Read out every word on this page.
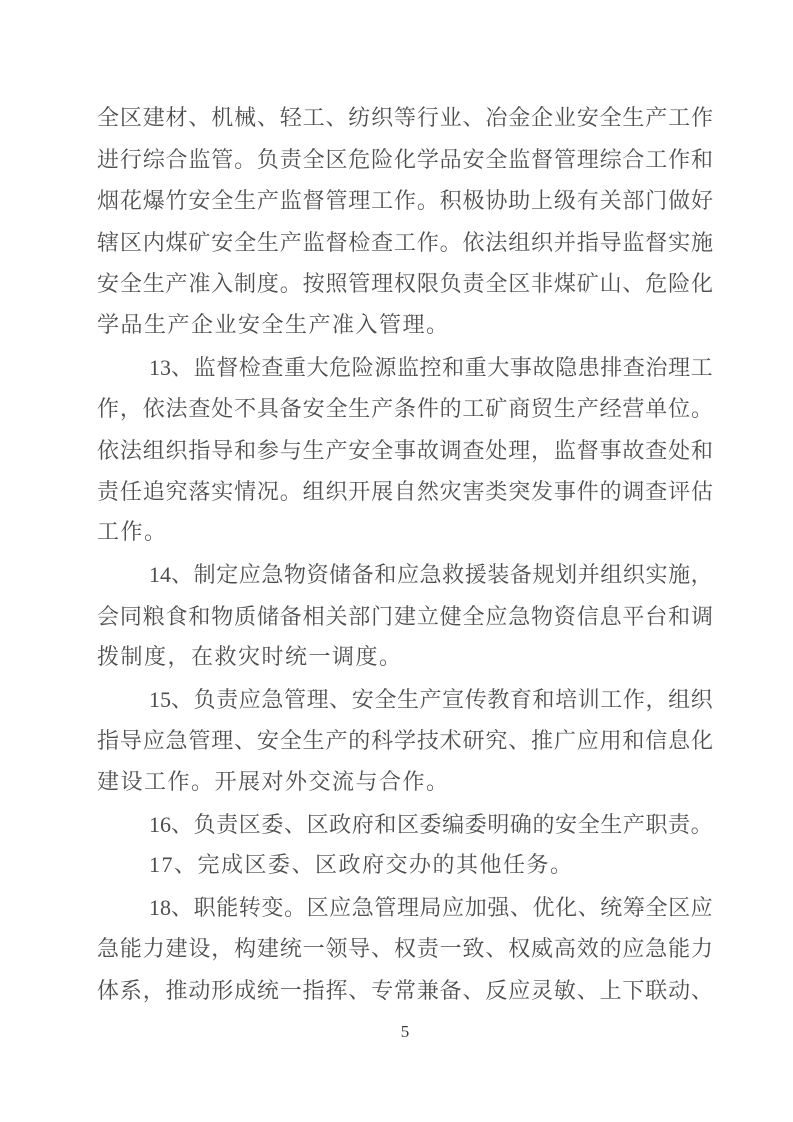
全 区 建 材 、 机 械 、 轻 工 、 纺 织 等 行 业 、 冶 金 企 业 安 全 生 产 工 作
进 行 综 合 监 管 。 负 责 全 区 危 险 化 学 品 安 全 监 督 管 理 综 合 工 作 和
烟 花 爆 竹 安 全 生 产 监 督 管 理 工 作 。 积 极 协 助 上 级 有 关 部 门 做 好
辖 区 内 煤 矿 安 全 生 产 监 督 检 查 工 作 。 依 法 组 织 并 指 导 监 督 实 施
安 全 生 产 准 入 制 度 。 按 照 管 理 权 限 负 责 全 区 非 煤 矿 山 、 危 险 化
学品生产企业安全生产准入管理。
13、 监 督 检 查 重 大 危 险 源 监 控 和 重 大 事 故 隐 患 排 查 治 理 工
作 ， 依 法 查 处 不 具 备 安 全 生 产 条 件 的 工 矿 商 贸 生 产 经 营 单 位 。
依 法 组 织 指 导 和 参 与 生 产 安 全 事 故 调 查 处 理 ， 监 督 事 故 查 处 和
责 任 追 究 落 实 情 况 。 组 织 开 展 自 然 灾 害 类 突 发 事 件 的 调 查 评 估
工作。
14、 制 定 应 急 物 资 储 备 和 应 急 救 援 装 备 规 划 并 组 织 实 施 ，
会 同 粮 食 和 物 质 储 备 相 关 部 门 建 立 健 全 应 急 物 资 信 息 平 台 和 调
拨制度，在救灾时统一调度。
15、 负 责 应 急 管 理 、 安 全 生 产 宣 传 教 育 和 培 训 工 作 ， 组 织
指 导 应 急 管 理 、 安 全 生 产 的 科 学 技 术 研 究 、 推 广 应 用 和 信 息 化
建设工作。开展对外交流与合作。
16、 负 责 区 委 、 区 政 府 和 区 委 编 委 明 确 的 安 全 生 产 职 责 。
17、完成区委、区政府交办的其他任务。
18、 职 能 转 变 。 区 应 急 管 理 局 应 加 强 、 优 化 、 统 筹 全 区 应
急 能 力 建 设 ， 构 建 统 一 领 导 、 权 责 一 致 、 权 威 高 效 的 应 急 能 力
体 系 ， 推 动 形 成 统 一 指 挥 、 专 常 兼 备 、 反 应 灵 敏 、 上 下 联 动 、
5
